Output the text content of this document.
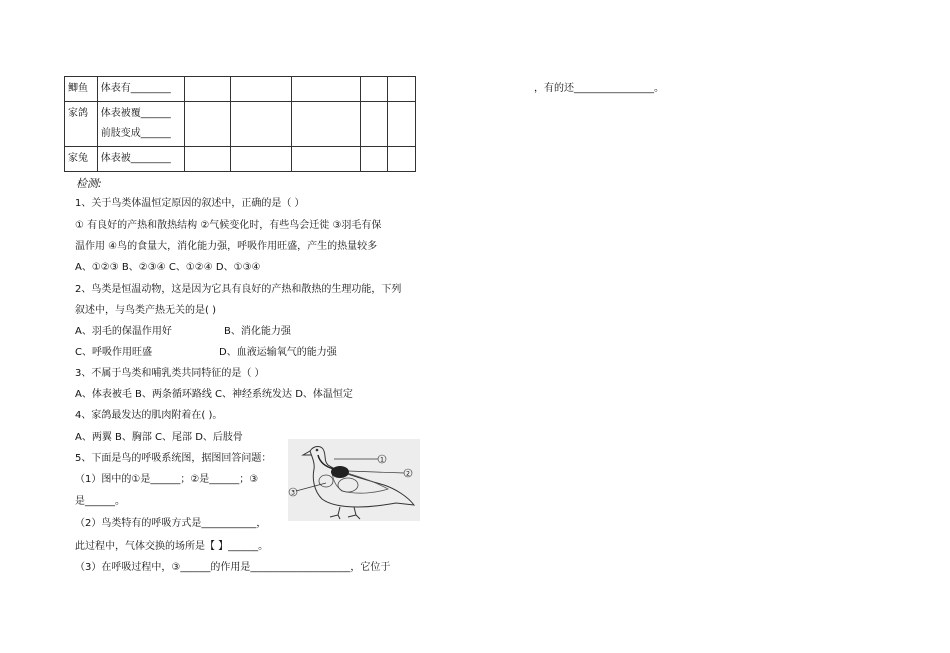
鲫鱼	体表有________					

家鸽	体表被覆______
前肢变成______					

家兔	体表被________					

，有的还________________。
检测:
1、关于鸟类体温恒定原因的叙述中，正确的是（ ）
① 有良好的产热和散热结构 ②气候变化时，有些鸟会迁徙 ③羽毛有保
温作用 ④鸟的食量大，消化能力强，呼吸作用旺盛，产生的热量较多
A、①②③ B、②③④ C、①②④ D、①③④
2、鸟类是恒温动物，这是因为它具有良好的产热和散热的生理功能，下列
叙述中，与鸟类产热无关的是( )
A、羽毛的保温作用好	B、消化能力强
C、呼吸作用旺盛	D、血液运输氧气的能力强
3、不属于鸟类和哺乳类共同特征的是（ ）
A、体表被毛 B、两条循环路线 C、神经系统发达 D、体温恒定
4、家鸽最发达的肌肉附着在( )。
A、两翼 B、胸部 C、尾部 D、后肢骨
5、下面是鸟的呼吸系统图，据图回答问题：
（1）图中的①是______；②是______；③
是______。
（2）鸟类特有的呼吸方式是___________，
此过程中，气体交换的场所是【 】______。
（3）在呼吸过程中，③______的作用是____________________，它位于
1
2
3
